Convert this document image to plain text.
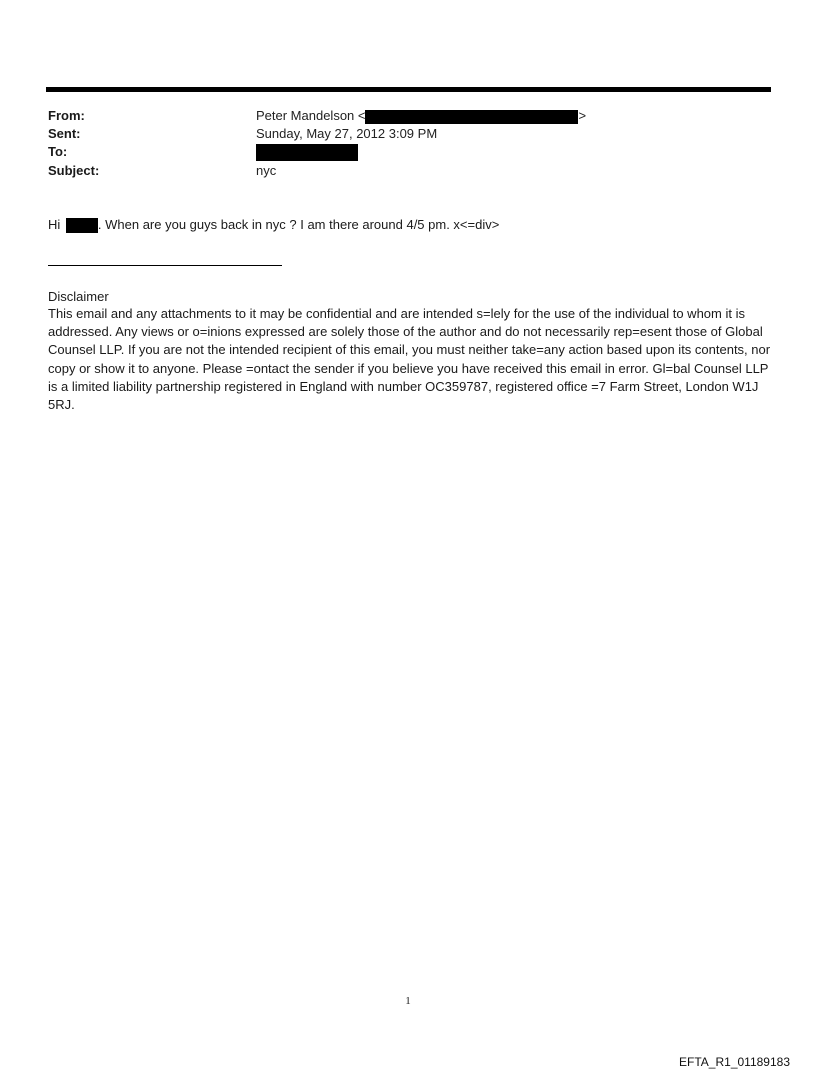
From:	Peter Mandelson <	>
Sent:	Sunday, May 27, 2012 3:09 PM
To:
Subject:	nyc
Hi	. When are you guys back in nyc ? I am there around 4/5 pm. x<=div>
Disclaimer
This email and any attachments to it may be confidential and are intended s=lely for the use of the individual to whom it is addressed. Any views or o=inions expressed are solely those of the author and do not necessarily rep=esent those of Global Counsel LLP. If you are not the intended recipient of this email, you must neither take=any action based upon its contents, nor copy or show it to anyone. Please =ontact the sender if you believe you have received this email in error. Gl=bal Counsel LLP is a limited liability partnership registered in England with number OC359787, registered office =7 Farm Street, London W1J 5RJ.
1
EFTA_R1_01189183
